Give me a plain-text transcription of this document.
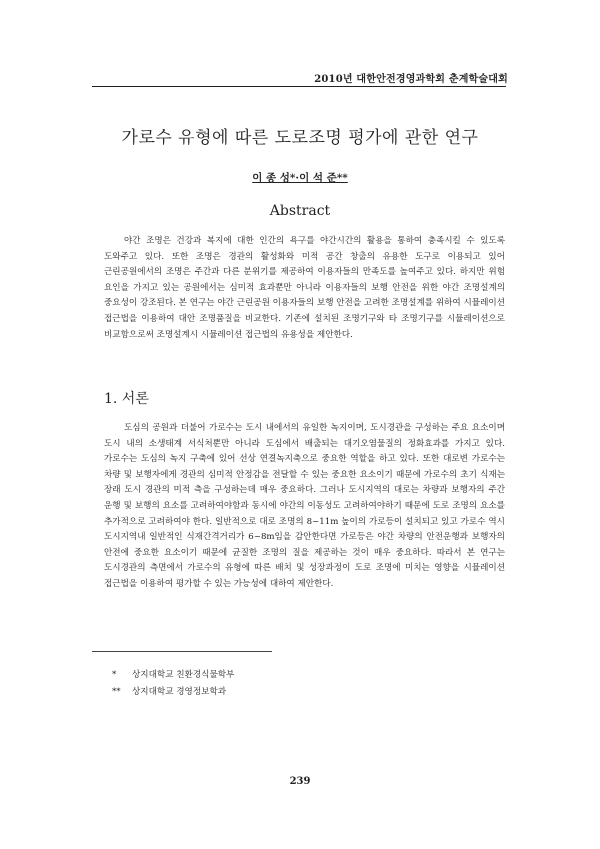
2010년 대한안전경영과학회 춘계학술대회
가로수 유형에 따른 도로조명 평가에 관한 연구
이 종 성*·이 석 준**
Abstract
야간 조명은 건강과 복지에 대한 인간의 욕구를 야간시간의 활용을 통하여 충족시킬 수 있도록 도와주고 있다. 또한 조명은 경관의 활성화와 미적 공간 창출의 유용한 도구로 이용되고 있어 근린공원에서의 조명은 주간과 다른 분위기를 제공하여 이용자들의 만족도를 높여주고 있다. 하지만 위험 요인을 가지고 있는 공원에서는 심미적 효과뿐만 아니라 이용자들의 보행 안전을 위한 야간 조명설계의 중요성이 강조된다. 본 연구는 야간 근린공원 이용자들의 보행 안전을 고려한 조명설계를 위하여 시뮬레이션 접근법을 이용하여 대안 조명품질을 비교한다. 기존에 설치된 조명기구와 타 조명기구를 시뮬레이션으로 비교함으로써 조명설계시 시뮬레이션 접근법의 유용성을 제안한다.
1. 서론
도심의 공원과 더불어 가로수는 도시 내에서의 유일한 녹지이며, 도시경관을 구성하는 주요 요소이며 도시 내의 소생태계 서식처뿐만 아니라 도심에서 배출되는 대기오염물질의 정화효과를 가지고 있다. 가로수는 도심의 녹지 구축에 있어 선상 연결녹지축으로 중요한 역할을 하고 있다. 또한 대로변 가로수는 차량 및 보행자에게 경관의 심미적 안정감을 전달할 수 있는 중요한 요소이기 때문에 가로수의 초기 식재는 장래 도시 경관의 미적 측을 구성하는데 매우 중요하다. 그러나 도시지역의 대로는 차량과 보행자의 주간 운행 및 보행의 요소를 고려하여야함과 동시에 야간의 이동성도 고려하여야하기 때문에 도로 조명의 요소를 추가적으로 고려하여야 한다. 일반적으로 대로 조명의 8~11m 높이의 가로등이 설치되고 있고 가로수 역시 도시지역내 일반적인 식재간격거리가 6~8m임을 감안한다면 가로등은 야간 차량의 안전운행과 보행자의 안전에 중요한 요소이기 때문에 균질한 조명의 질을 제공하는 것이 매우 중요하다. 따라서 본 연구는 도시경관의 측면에서 가로수의 유형에 따른 배치 및 성장과정이 도로 조명에 미치는 영향을 시뮬레이션 접근법을 이용하여 평가할 수 있는 가능성에 대하여 제안한다.
* 상지대학교 친환경식물학부
** 상지대학교 경영정보학과
239
